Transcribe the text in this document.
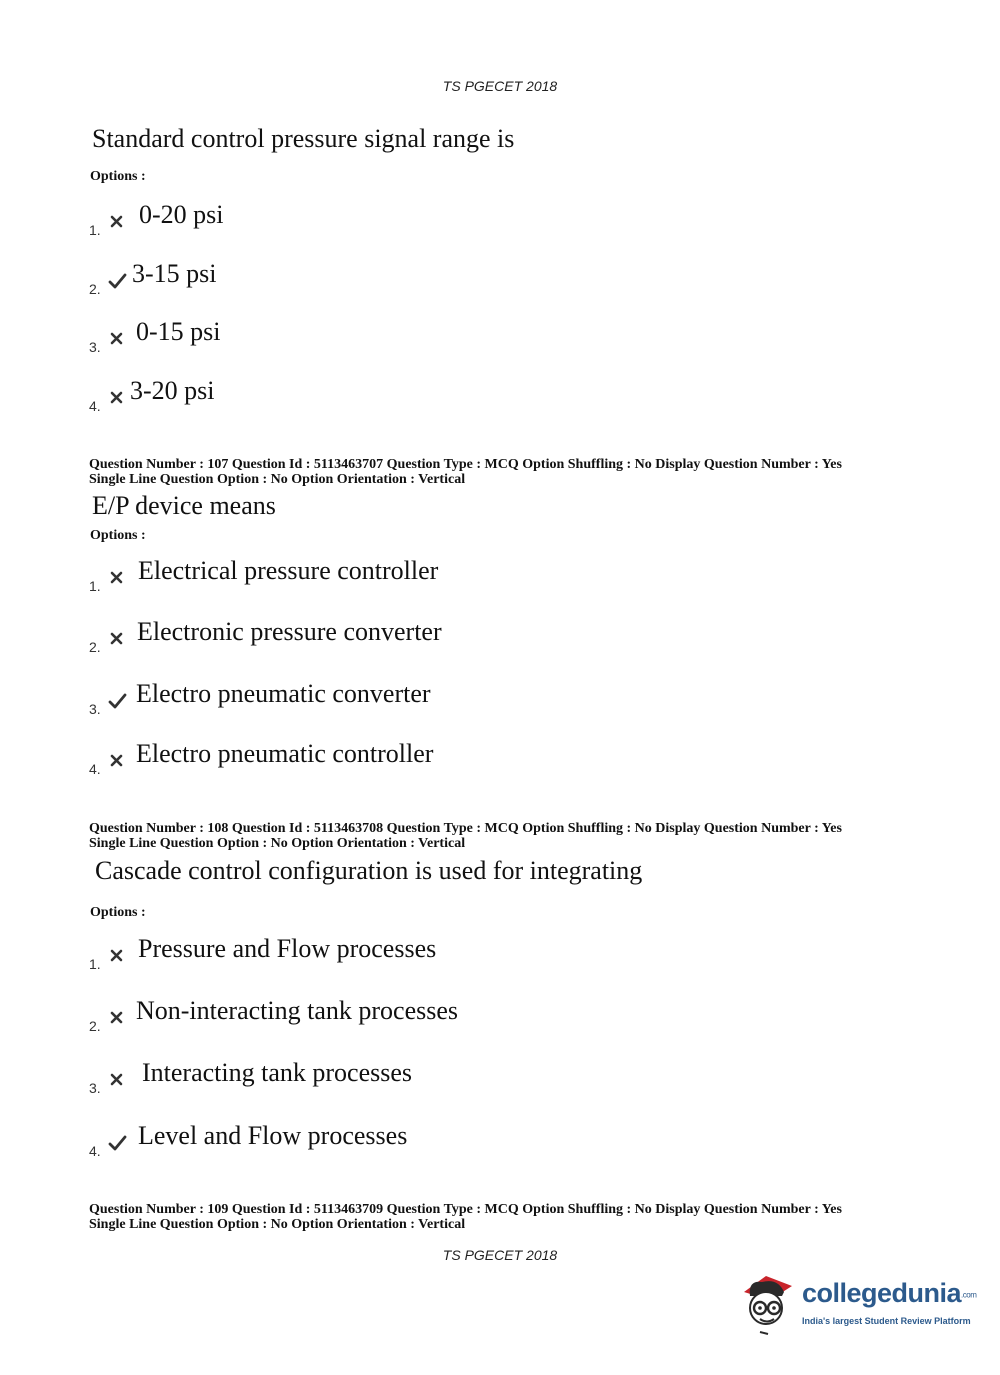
TS PGECET 2018
Standard control pressure signal range is
Options :
1.
0-20 psi
2.
3-15 psi
3.
0-15 psi
4.
3-20 psi
Question Number : 107 Question Id : 5113463707 Question Type : MCQ Option Shuffling : No Display Question Number : Yes
Single Line Question Option : No Option Orientation : Vertical
E/P device means
Options :
1.
Electrical pressure controller
2.
Electronic pressure converter
3.
Electro pneumatic converter
4.
Electro pneumatic controller
Question Number : 108 Question Id : 5113463708 Question Type : MCQ Option Shuffling : No Display Question Number : Yes
Single Line Question Option : No Option Orientation : Vertical
Cascade control configuration is used for integrating
Options :
1.
Pressure and Flow processes
2.
Non-interacting tank processes
3.
Interacting tank processes
4.
Level and Flow processes
Question Number : 109 Question Id : 5113463709 Question Type : MCQ Option Shuffling : No Display Question Number : Yes
Single Line Question Option : No Option Orientation : Vertical
TS PGECET 2018
collegedunia.com
India's largest Student Review Platform
